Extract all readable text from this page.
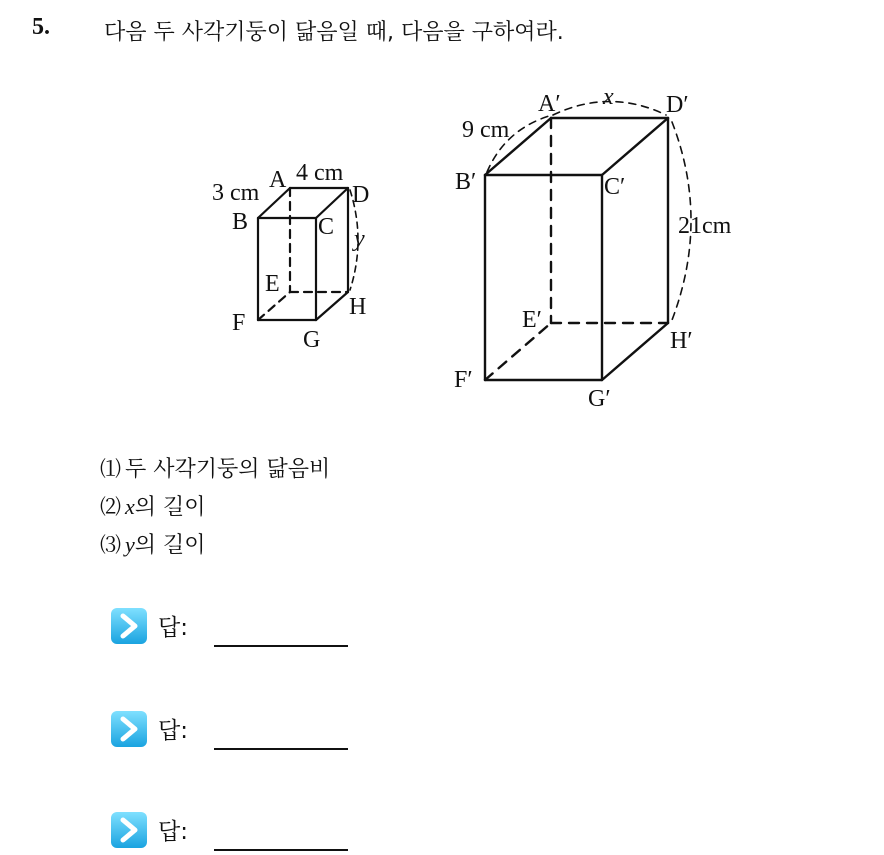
5. 다음 두 사각기둥이 닮음일 때, 다음을 구하여라.
A
B	C
D
E
F
G
H
4 cm
3 cm
y
A′
B′	C′
D′
E′
F′
G′
H′
x
9 cm
21cm
⑴ 두 사각기둥의 닮음비
⑵ x의 길이
⑶ y의 길이
답:
답:
답:
